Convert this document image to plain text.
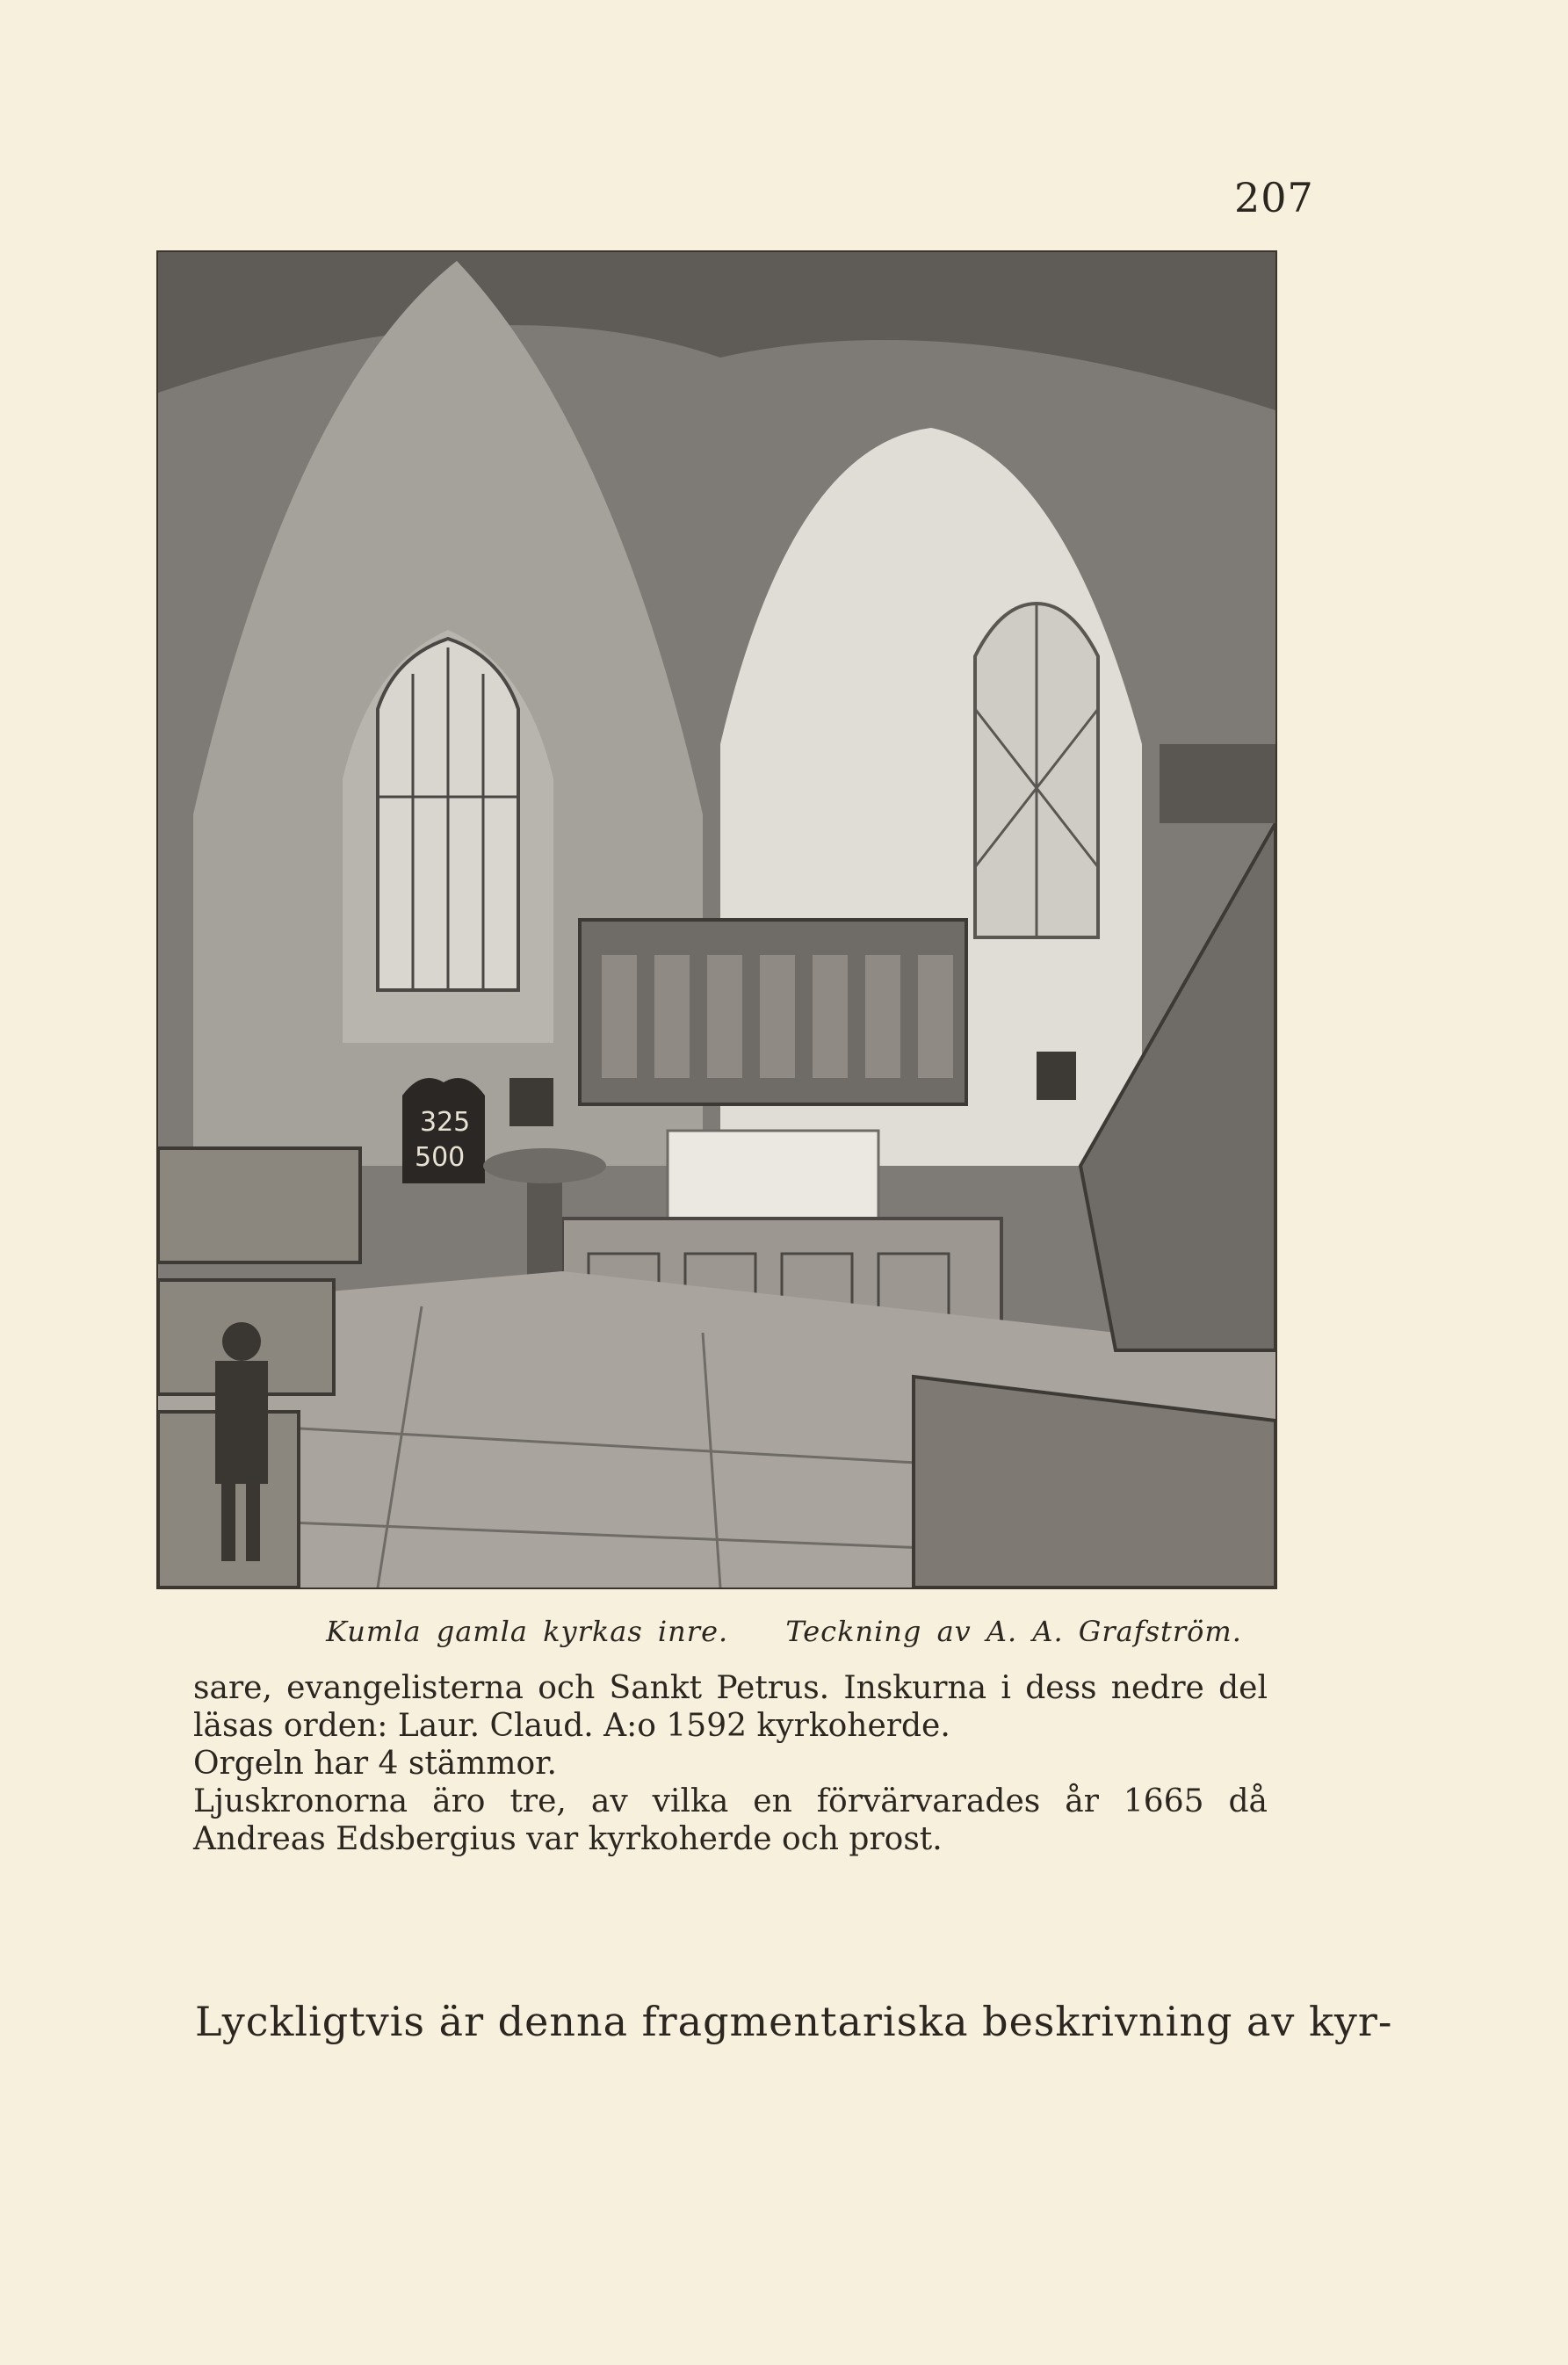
207
325
500
Kumla gamla kyrkas inre. Teckning av A. A. Grafström.

sare, evangelisterna och Sankt Petrus. Inskurna i dess nedre del läsas orden: Laur. Claud. A:o 1592 kyrkoherde.

Orgeln har 4 stämmor.

Ljuskronorna äro tre, av vilka en förvärvarades år 1665 då Andreas Edsbergius var kyrkoherde och prost.

Lyckligtvis är denna fragmentariska beskrivning av kyr-
